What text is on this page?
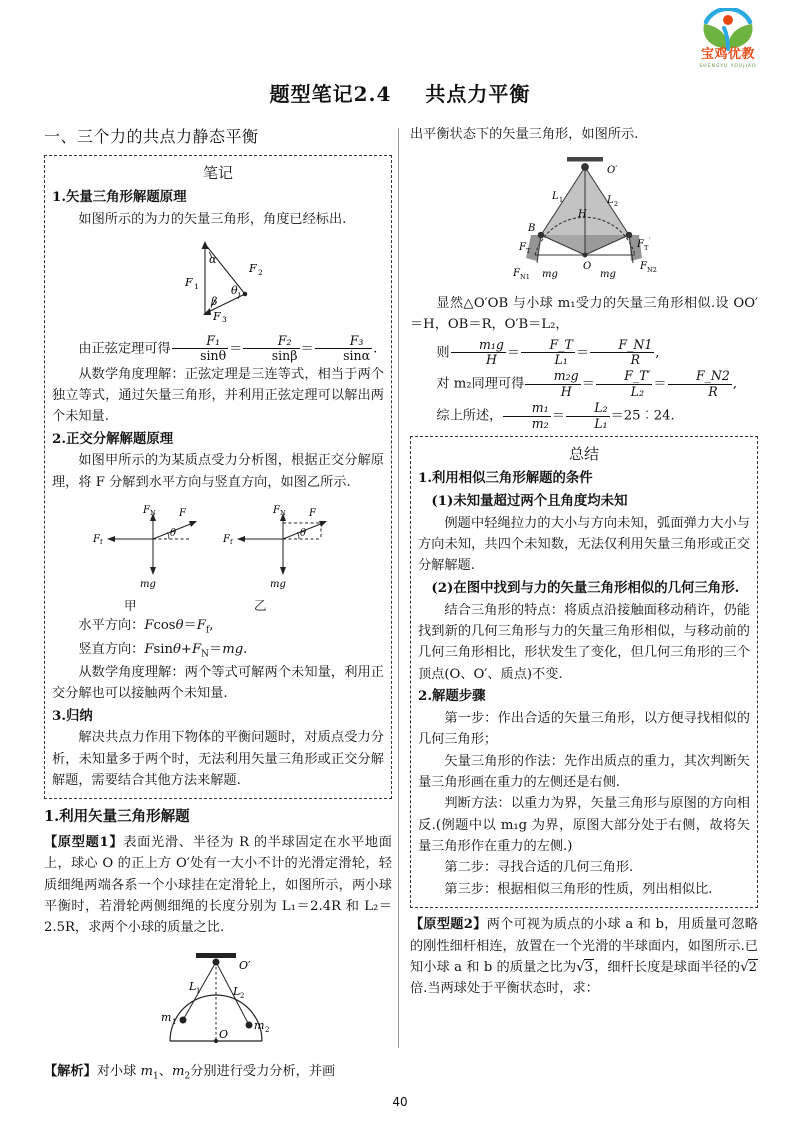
宝鸡优教
SHENGYU YOUJIAO
题型笔记2.4 共点力平衡

一、三个力的共点力静态平衡

笔记

1.矢量三角形解题原理

如图所示的为力的矢量三角形，角度已经标出.

α
F 2
F 1
β
θ
F 3

由正弦定理可得 $\frac{\text{F₁}}{\sin\theta} = \frac{\text{F₂}}{\sin\beta} = \frac{\text{F₃}}{\sin\alpha}$ .

从数学角度理解：正弦定理是三连等式，相当于两个独立等式，通过矢量三角形，并利用正弦定理可以解出两个未知量.

2.正交分解解题原理

如图甲所示的为某质点受力分析图，根据正交分解原理，将 F 分解到水平方向与竖直方向，如图乙所示.

F N F
F f
θ
mg
F N F
F f
θ
mg
甲	乙

水平方向：$Fcos\theta=F_f$,

竖直方向：$Fsin\theta+F_N=mg$.

从数学角度理解：两个等式可解两个未知量，利用正交分解也可以接触两个未知量.

3.归纳

解决共点力作用下物体的平衡问题时，对质点受力分析，未知量多于两个时，无法利用矢量三角形或正交分解解题，需要结合其他方法来解题.

1.利用矢量三角形解题

【原型题1】表面光滑、半径为 R 的半球固定在水平地面上，球心 O 的正上方 O′处有一大小不计的光滑定滑轮，轻质细绳两端各系一个小球挂在定滑轮上，如图所示，两小球平衡时，若滑轮两侧细绳的长度分别为 L₁＝2.4R 和 L₂＝2.5R，求两个小球的质量之比.

O′
L 1	L 2
m 1	m 2
O

【解析】对小球 $m_1$、$m_2$分别进行受力分析，并画

出平衡状态下的矢量三角形，如图所示.

O′
L 1	L 2
H
B
F T
F T
′
F N1
F N2
mg	mg
O

显然△O′OB 与小球 m₁受力的矢量三角形相似.设 OO′＝H，OB＝R，O′B＝L₂，

则 $\frac{\text{m₁g}}{H} = \frac{F\_T}{\text{L₁}} = \frac{F\_N1}{R}$ ,

对 m₂同理可得 $\frac{\text{m₂g}}{H} = \frac{F\_T'}{\text{L₂}} = \frac{F\_N2}{R}$ ,

综上所述， $\frac{\text{m₁}}{\text{m₂}} = \frac{\text{L₂}}{\text{L₁}}$ ＝25︰24.

总结

1.利用相似三角形解题的条件

(1)未知量超过两个且角度均未知

例题中轻绳拉力的大小与方向未知，弧面弹力大小与方向未知，共四个未知数，无法仅利用矢量三角形或正交分解解题.

(2)在图中找到与力的矢量三角形相似的几何三角形.

结合三角形的特点：将质点沿接触面移动稍许，仍能找到新的几何三角形与力的矢量三角形相似，与移动前的几何三角形相比，形状发生了变化，但几何三角形的三个顶点(O、O′、质点)不变.

2.解题步骤

第一步：作出合适的矢量三角形，以方便寻找相似的几何三角形；

矢量三角形的作法：先作出质点的重力，其次判断矢量三角形画在重力的左侧还是右侧.

判断方法：以重力为界，矢量三角形与原图的方向相反.(例题中以 m₁g 为界，原图大部分处于右侧，故将矢量三角形作在重力的左侧.)

第二步：寻找合适的几何三角形.

第三步：根据相似三角形的性质，列出相似比.

【原型题2】两个可视为质点的小球 a 和 b，用质量可忽略的刚性细杆相连，放置在一个光滑的半球面内，如图所示.已知小球 a 和 b 的质量之比为√3，细杆长度是球面半径的√2倍.当两球处于平衡状态时，求：

40
